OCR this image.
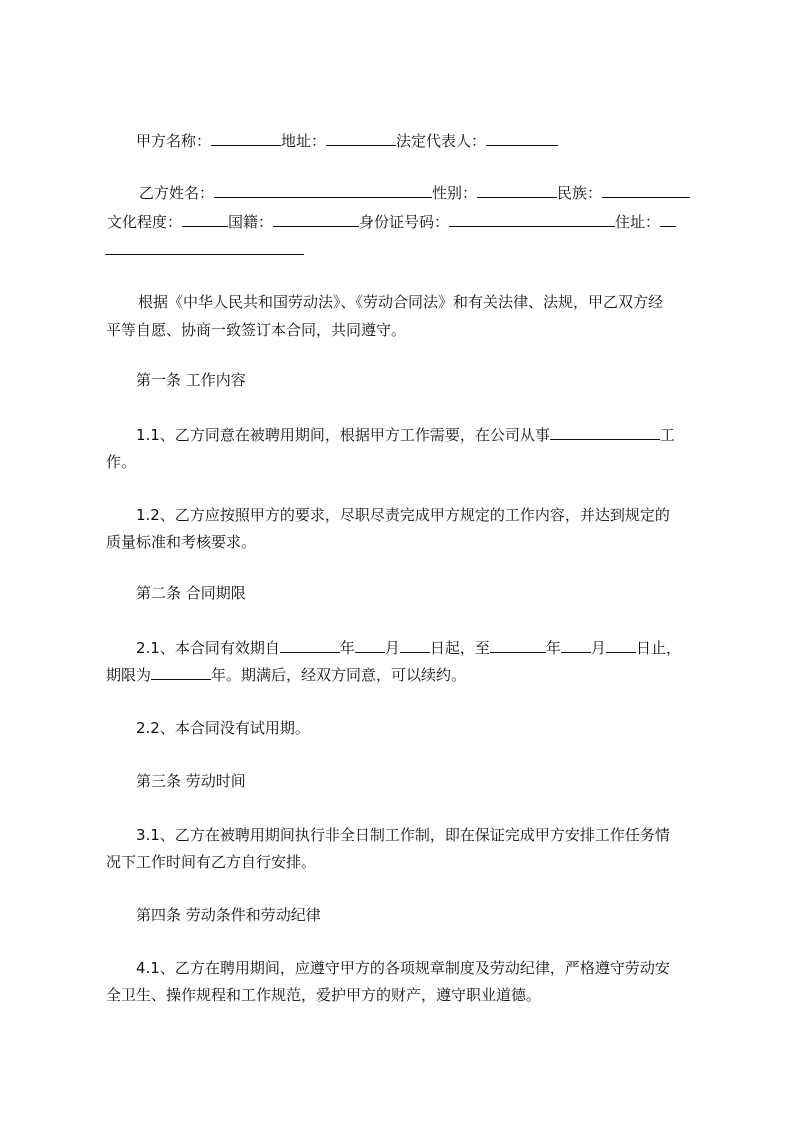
甲方名称：	地址：	法定代表人：
乙方姓名：	性别：	民族：
文化程度：	国籍：	身份证号码：	住址：
根据《中华人民共和国劳动法》、《劳动合同法》和有关法律、法规，甲乙双方经
平等自愿、协商一致签订本合同，共同遵守。
第一条 工作内容
1.1、乙方同意在被聘用期间，根据甲方工作需要，在公司从事	工
作。
1.2、乙方应按照甲方的要求，尽职尽责完成甲方规定的工作内容，并达到规定的
质量标准和考核要求。
第二条 合同期限
2.1、本合同有效期自	年 月 日起，至	年 月 日止，
期限为	年。期满后，经双方同意，可以续约。
2.2、本合同没有试用期。
第三条 劳动时间
3.1、乙方在被聘用期间执行非全日制工作制，即在保证完成甲方安排工作任务情
况下工作时间有乙方自行安排。
第四条 劳动条件和劳动纪律
4.1、乙方在聘用期间，应遵守甲方的各项规章制度及劳动纪律，严格遵守劳动安
全卫生、操作规程和工作规范，爱护甲方的财产，遵守职业道德。
